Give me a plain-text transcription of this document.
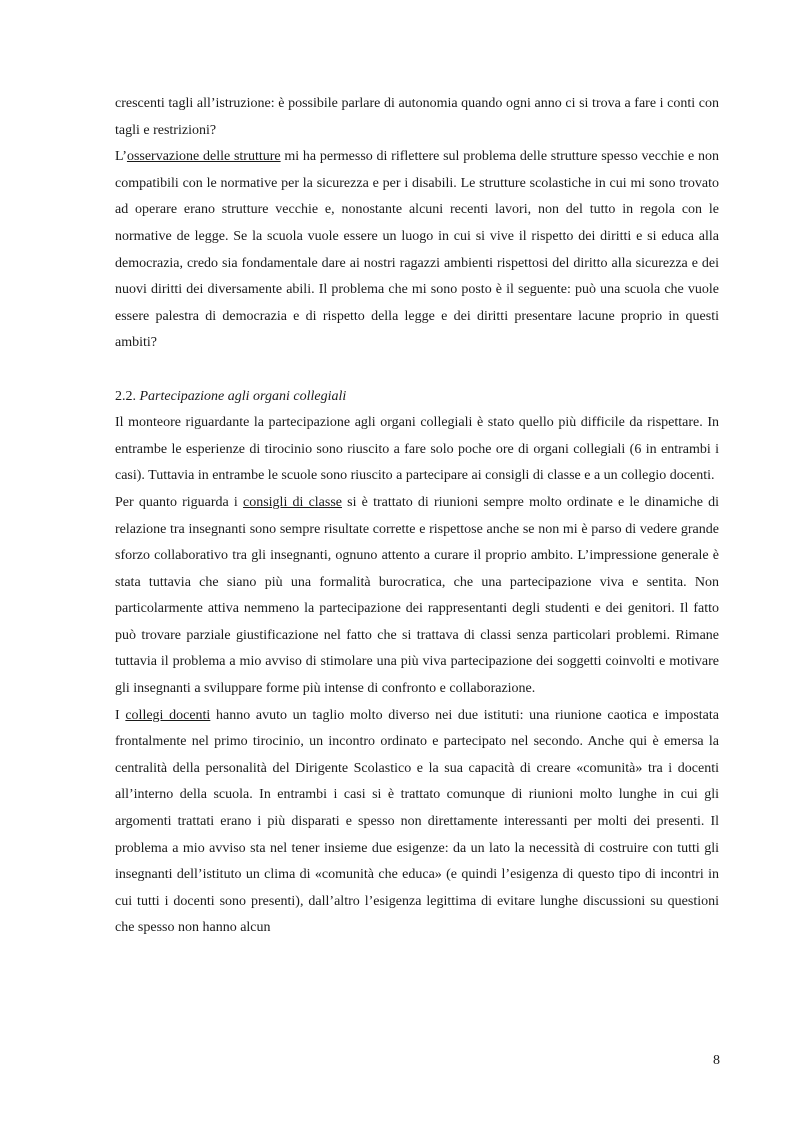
crescenti tagli all’istruzione: è possibile parlare di autonomia quando ogni anno ci si trova a fare i conti con tagli e restrizioni?

L’osservazione delle strutture mi ha permesso di riflettere sul problema delle strutture spesso vecchie e non compatibili con le normative per la sicurezza e per i disabili. Le strutture scolastiche in cui mi sono trovato ad operare erano strutture vecchie e, nonostante alcuni recenti lavori, non del tutto in regola con le normative de legge. Se la scuola vuole essere un luogo in cui si vive il rispetto dei diritti e si educa alla democrazia, credo sia fondamentale dare ai nostri ragazzi ambienti rispettosi del diritto alla sicurezza e dei nuovi diritti dei diversamente abili. Il problema che mi sono posto è il seguente: può una scuola che vuole essere palestra di democrazia e di rispetto della legge e dei diritti presentare lacune proprio in questi ambiti?

2.2. Partecipazione agli organi collegiali

Il monteore riguardante la partecipazione agli organi collegiali è stato quello più difficile da rispettare. In entrambe le esperienze di tirocinio sono riuscito a fare solo poche ore di organi collegiali (6 in entrambi i casi). Tuttavia in entrambe le scuole sono riuscito a partecipare ai consigli di classe e a un collegio docenti.

Per quanto riguarda i consigli di classe si è trattato di riunioni sempre molto ordinate e le dinamiche di relazione tra insegnanti sono sempre risultate corrette e rispettose anche se non mi è parso di vedere grande sforzo collaborativo tra gli insegnanti, ognuno attento a curare il proprio ambito. L’impressione generale è stata tuttavia che siano più una formalità burocratica, che una partecipazione viva e sentita. Non particolarmente attiva nemmeno la partecipazione dei rappresentanti degli studenti e dei genitori. Il fatto può trovare parziale giustificazione nel fatto che si trattava di classi senza particolari problemi. Rimane tuttavia il problema a mio avviso di stimolare una più viva partecipazione dei soggetti coinvolti e motivare gli insegnanti a sviluppare forme più intense di confronto e collaborazione.

I collegi docenti hanno avuto un taglio molto diverso nei due istituti: una riunione caotica e impostata frontalmente nel primo tirocinio, un incontro ordinato e partecipato nel secondo. Anche qui è emersa la centralità della personalità del Dirigente Scolastico e la sua capacità di creare «comunità» tra i docenti all’interno della scuola. In entrambi i casi si è trattato comunque di riunioni molto lunghe in cui gli argomenti trattati erano i più disparati e spesso non direttamente interessanti per molti dei presenti. Il problema a mio avviso sta nel tener insieme due esigenze: da un lato la necessità di costruire con tutti gli insegnanti dell’istituto un clima di «comunità che educa» (e quindi l’esigenza di questo tipo di incontri in cui tutti i docenti sono presenti), dall’altro l’esigenza legittima di evitare lunghe discussioni su questioni che spesso non hanno alcun

8
